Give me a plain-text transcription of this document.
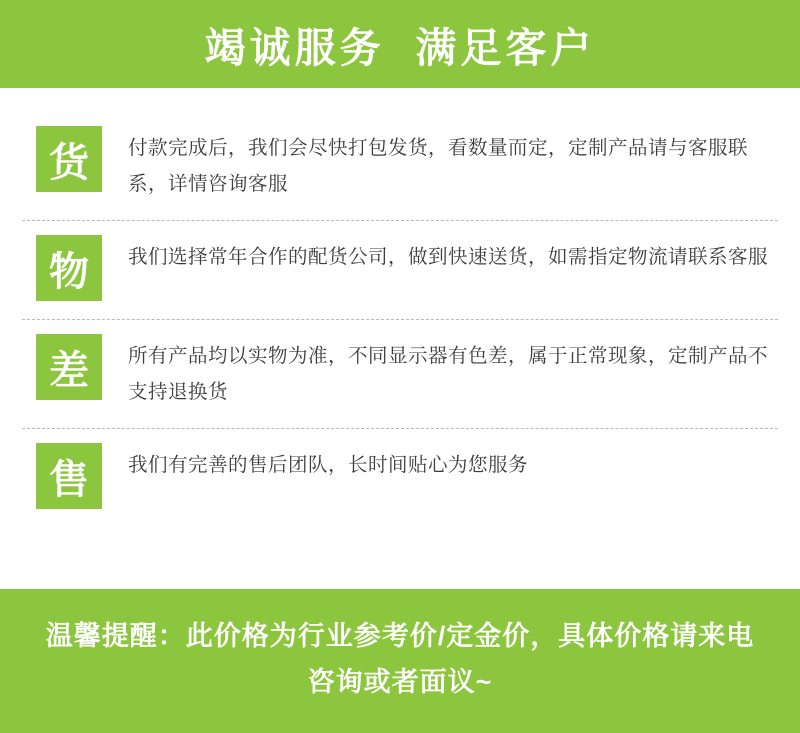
竭诚服务  满足客户
货	付款完成后，我们会尽快打包发货，看数量而定，定制产品请与客服联系，详情咨询客服
物	我们选择常年合作的配货公司，做到快速送货，如需指定物流请联系客服
差	所有产品均以实物为准，不同显示器有色差，属于正常现象，定制产品不支持退换货
售	我们有完善的售后团队，长时间贴心为您服务
温馨提醒：此价格为行业参考价/定金价，具体价格请来电咨询或者面议~
